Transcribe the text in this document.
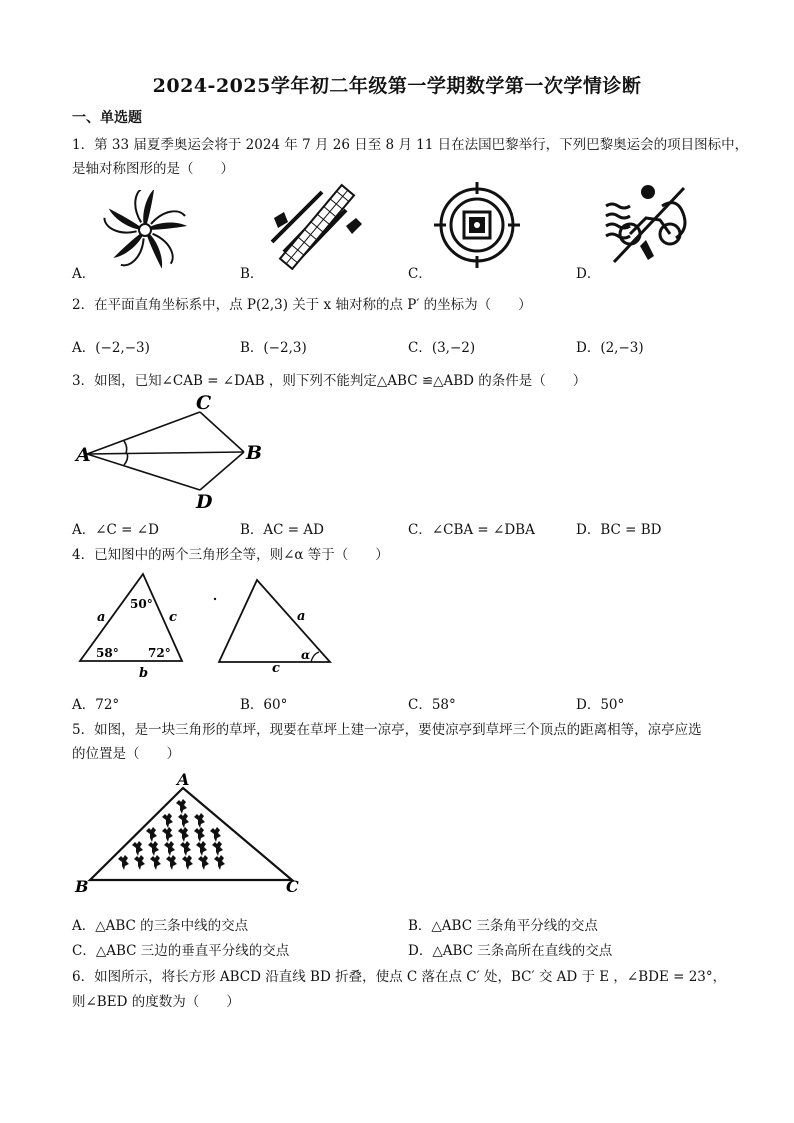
2024-2025学年初二年级第一学期数学第一次学情诊断
一、单选题
1．第 33 届夏季奥运会将于 2024 年 7 月 26 日至 8 月 11 日在法国巴黎举行，下列巴黎奥运会的项目图标中，
是轴对称图形的是（　　）
A．	B．	C．	D．
2．在平面直角坐标系中，点 P(2,3) 关于 x 轴对称的点 P′ 的坐标为（　　）
A．(−2,−3)	B．(−2,3)	C．(3,−2)	D．(2,−3)
3．如图，已知∠CAB = ∠DAB ，则下列不能判定△ABC ≌△ABD 的条件是（　　）
A	B
C
D
A．∠C = ∠D	B．AC = AD	C．∠CBA = ∠DBA	D．BC = BD
4．已知图中的两个三角形全等，则∠α 等于（　　）
50°
58° 72°
a	c
b
a
c
α
A．72°	B．60°	C．58°	D．50°
5．如图，是一块三角形的草坪，现要在草坪上建一凉亭，要使凉亭到草坪三个顶点的距离相等，凉亭应选
的位置是（　　）
A
B	C
A．△ABC 的三条中线的交点	B．△ABC 三条角平分线的交点
C．△ABC 三边的垂直平分线的交点	D．△ABC 三条高所在直线的交点
6．如图所示，将长方形 ABCD 沿直线 BD 折叠，使点 C 落在点 C′ 处，BC′ 交 AD 于 E ，∠BDE = 23°，
则∠BED 的度数为（　　）
